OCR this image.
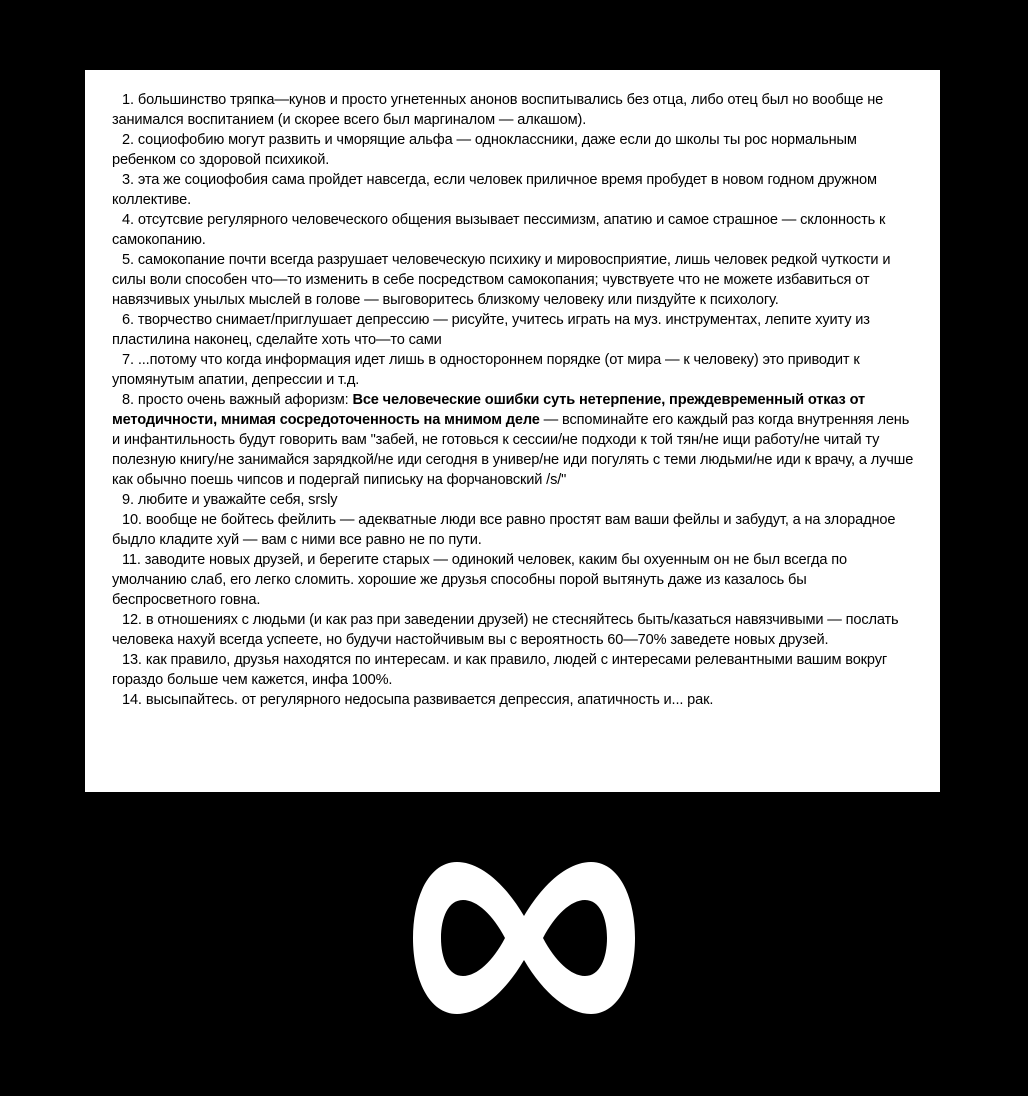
1. большинство тряпка—кунов и просто угнетенных анонов воспитывались без отца, либо отец был но вообще не занимался воспитанием (и скорее всего был маргиналом — алкашом).

2. социофобию могут развить и чморящие альфа — одноклассники, даже если до школы ты рос нормальным ребенком со здоровой психикой.

3. эта же социофобия сама пройдет навсегда, если человек приличное время пробудет в новом годном дружном коллективе.

4. отсутсвие регулярного человеческого общения вызывает пессимизм, апатию и самое страшное — склонность к самокопанию.

5. самокопание почти всегда разрушает человеческую психику и мировосприятие, лишь человек редкой чуткости и силы воли способен что—то изменить в себе посредством самокопания; чувствуете что не можете избавиться от навязчивых унылых мыслей в голове — выговоритесь близкому человеку или пиздуйте к психологу.

6. творчество снимает/приглушает депрессию — рисуйте, учитесь играть на муз. инструментах, лепите хуиту из пластилина наконец, сделайте хоть что—то сами

7. ...потому что когда информация идет лишь в одностороннем порядке (от мира — к человеку) это приводит к упомянутым апатии, депрессии и т.д.

8. просто очень важный афоризм: Все человеческие ошибки суть нетерпение, преждевременный отказ от методичности, мнимая сосредоточенность на мнимом деле — вспоминайте его каждый раз когда внутренняя лень и инфантильность будут говорить вам "забей, не готовься к сессии/не подходи к той тян/не ищи работу/не читай ту полезную книгу/не занимайся зарядкой/не иди сегодня в универ/не иди погулять с теми людьми/не иди к врачу, а лучше как обычно поешь чипсов и подергай пипиську на форчановский /s/"

9. любите и уважайте себя, srsly

10. вообще не бойтесь фейлить — адекватные люди все равно простят вам ваши фейлы и забудут, а на злорадное быдло кладите хуй — вам с ними все равно не по пути.

11. заводите новых друзей, и берегите старых — одинокий человек, каким бы охуенным он не был всегда по умолчанию слаб, его легко сломить. хорошие же друзья способны порой вытянуть даже из казалось бы беспросветного говна.

12. в отношениях с людьми (и как раз при заведении друзей) не стесняйтесь быть/казаться навязчивыми — послать человека нахуй всегда успеете, но будучи настойчивым вы с вероятность 60—70% заведете новых друзей.

13. как правило, друзья находятся по интересам. и как правило, людей с интересами релевантными вашим вокруг гораздо больше чем кажется, инфа 100%.

14. высыпайтесь. от регулярного недосыпа развивается депрессия, апатичность и... рак.
